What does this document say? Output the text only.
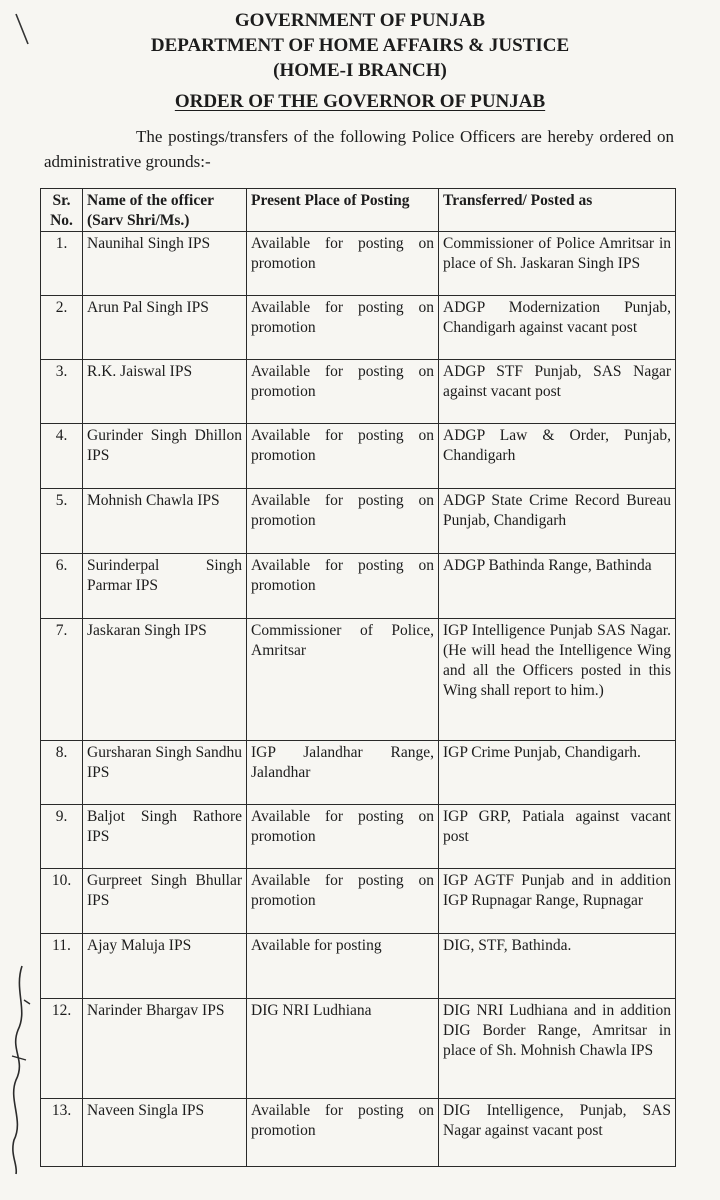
GOVERNMENT OF PUNJAB
DEPARTMENT OF HOME AFFAIRS & JUSTICE
(HOME-I BRANCH)
ORDER OF THE GOVERNOR OF PUNJAB
The postings/transfers of the following Police Officers are hereby ordered on administrative grounds:-
Sr. No.	Name of the officer (Sarv Shri/Ms.)	Present Place of Posting	Transferred/ Posted as
1.	Naunihal Singh IPS	Available for posting on promotion	Commissioner of Police Amritsar in place of Sh. Jaskaran Singh IPS
2.	Arun Pal Singh IPS	Available for posting on promotion	ADGP Modernization Punjab, Chandigarh against vacant post
3.	R.K. Jaiswal IPS	Available for posting on promotion	ADGP STF Punjab, SAS Nagar against vacant post
4.	Gurinder Singh Dhillon IPS	Available for posting on promotion	ADGP Law & Order, Punjab, Chandigarh
5.	Mohnish Chawla IPS	Available for posting on promotion	ADGP State Crime Record Bureau Punjab, Chandigarh
6.	Surinderpal Singh Parmar IPS	Available for posting on promotion	ADGP Bathinda Range, Bathinda
7.	Jaskaran Singh IPS	Commissioner of Police, Amritsar	IGP Intelligence Punjab SAS Nagar. (He will head the Intelligence Wing and all the Officers posted in this Wing shall report to him.)
8.	Gursharan Singh Sandhu IPS	IGP Jalandhar Range, Jalandhar	IGP Crime Punjab, Chandigarh.
9.	Baljot Singh Rathore IPS	Available for posting on promotion	IGP GRP, Patiala against vacant post
10.	Gurpreet Singh Bhullar IPS	Available for posting on promotion	IGP AGTF Punjab and in addition IGP Rupnagar Range, Rupnagar
11.	Ajay Maluja IPS	Available for posting	DIG, STF, Bathinda.
12.	Narinder Bhargav IPS	DIG NRI Ludhiana	DIG NRI Ludhiana and in addition DIG Border Range, Amritsar in place of Sh. Mohnish Chawla IPS
13.	Naveen Singla IPS	Available for posting on promotion	DIG Intelligence, Punjab, SAS Nagar against vacant post
